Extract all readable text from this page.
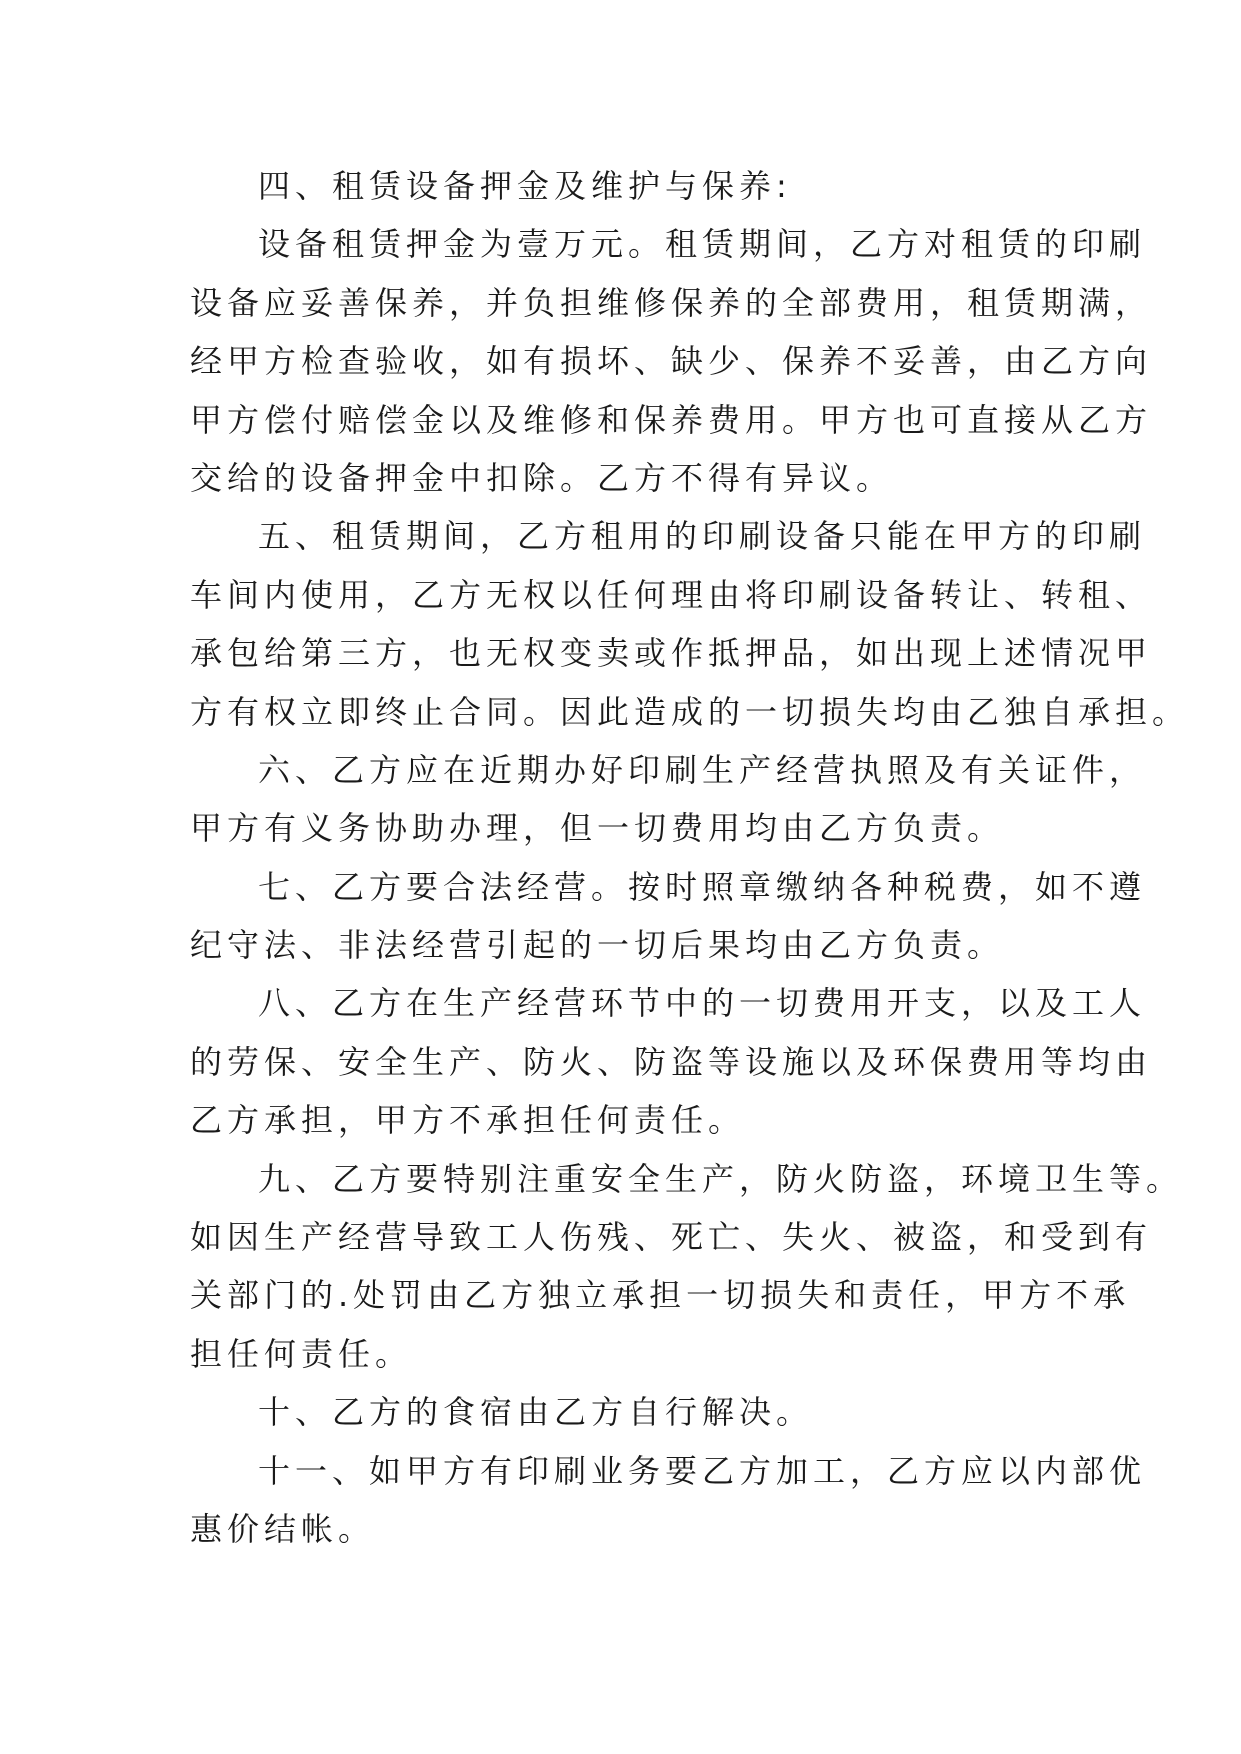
四、租赁设备押金及维护与保养:
设备租赁押金为壹万元。租赁期间，乙方对租赁的印刷
设备应妥善保养，并负担维修保养的全部费用，租赁期满，
经甲方检查验收，如有损坏、缺少、保养不妥善，由乙方向
甲方偿付赔偿金以及维修和保养费用。甲方也可直接从乙方
交给的设备押金中扣除。乙方不得有异议。
五、租赁期间，乙方租用的印刷设备只能在甲方的印刷
车间内使用，乙方无权以任何理由将印刷设备转让、转租、
承包给第三方，也无权变卖或作抵押品，如出现上述情况甲
方有权立即终止合同。因此造成的一切损失均由乙独自承担。
六、乙方应在近期办好印刷生产经营执照及有关证件，
甲方有义务协助办理，但一切费用均由乙方负责。
七、乙方要合法经营。按时照章缴纳各种税费，如不遵
纪守法、非法经营引起的一切后果均由乙方负责。
八、乙方在生产经营环节中的一切费用开支，以及工人
的劳保、安全生产、防火、防盗等设施以及环保费用等均由
乙方承担，甲方不承担任何责任。
九、乙方要特别注重安全生产，防火防盗，环境卫生等。
如因生产经营导致工人伤残、死亡、失火、被盗，和受到有
关部门的.处罚由乙方独立承担一切损失和责任，甲方不承
担任何责任。
十、乙方的食宿由乙方自行解决。
十一、如甲方有印刷业务要乙方加工，乙方应以内部优
惠价结帐。
